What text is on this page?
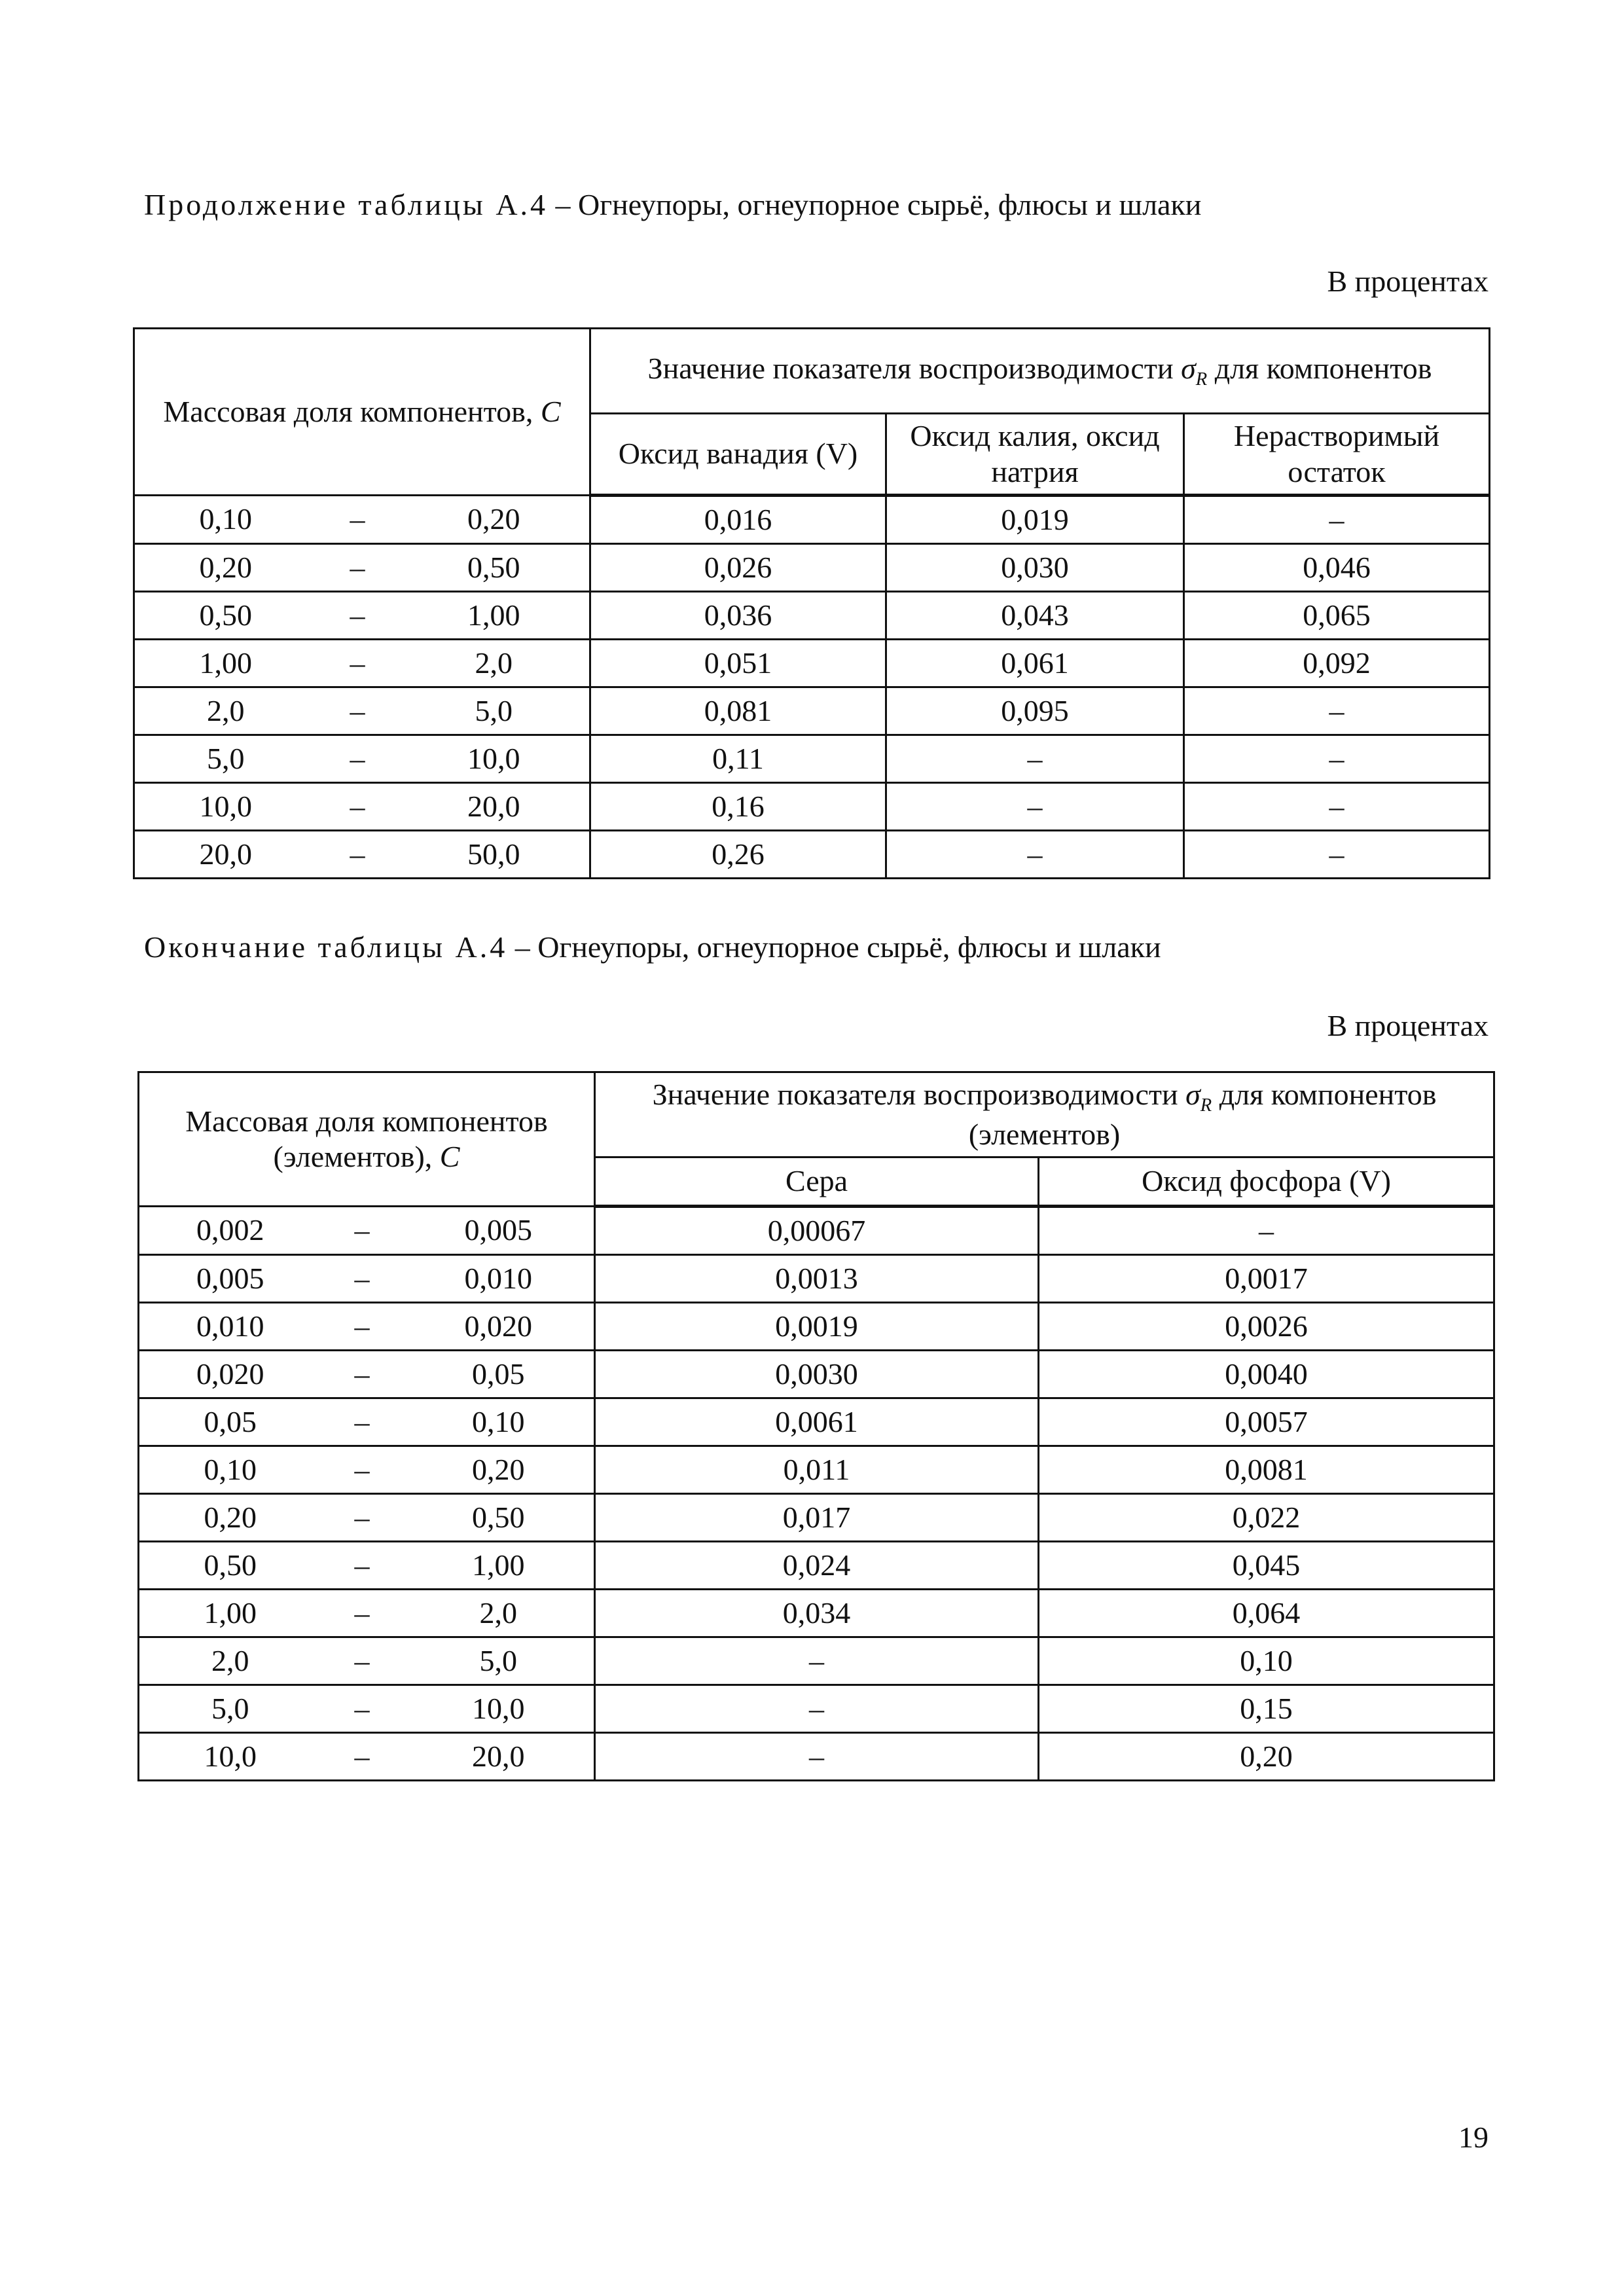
Продолжение таблицы А.4 – Огнеупоры, огнеупорное сырьё, флюсы и шлаки
В процентах
Массовая доля компонентов, C	Значение показателя воспроизводимости $\sigma_R$ для компонентов		
	Оксид ванадия (V)	Оксид калия, оксид натрия	Нерастворимый остаток

0,10 – 0,20	0,016	0,019	–

0,20 – 0,50	0,026	0,030	0,046

0,50 – 1,00	0,036	0,043	0,065

1,00 – 2,0	0,051	0,061	0,092

2,0 – 5,0	0,081	0,095	–

5,0 – 10,0	0,11	–	–

10,0 – 20,0	0,16	–	–

20,0 – 50,0	0,26	–	–
Окончание таблицы А.4 – Огнеупоры, огнеупорное сырьё, флюсы и шлаки
В процентах
Массовая доля компонентов (элементов), C	Значение показателя воспроизводимости $\sigma_R$ для компонентов (элементов)	
	Сера	Оксид фосфора (V)

0,002 – 0,005	0,00067	–

0,005 – 0,010	0,0013	0,0017

0,010 – 0,020	0,0019	0,0026

0,020 – 0,05	0,0030	0,0040

0,05 – 0,10	0,0061	0,0057

0,10 – 0,20	0,011	0,0081

0,20 – 0,50	0,017	0,022

0,50 – 1,00	0,024	0,045

1,00 – 2,0	0,034	0,064

2,0 – 5,0	–	0,10

5,0 – 10,0	–	0,15

10,0 – 20,0	–	0,20
19
